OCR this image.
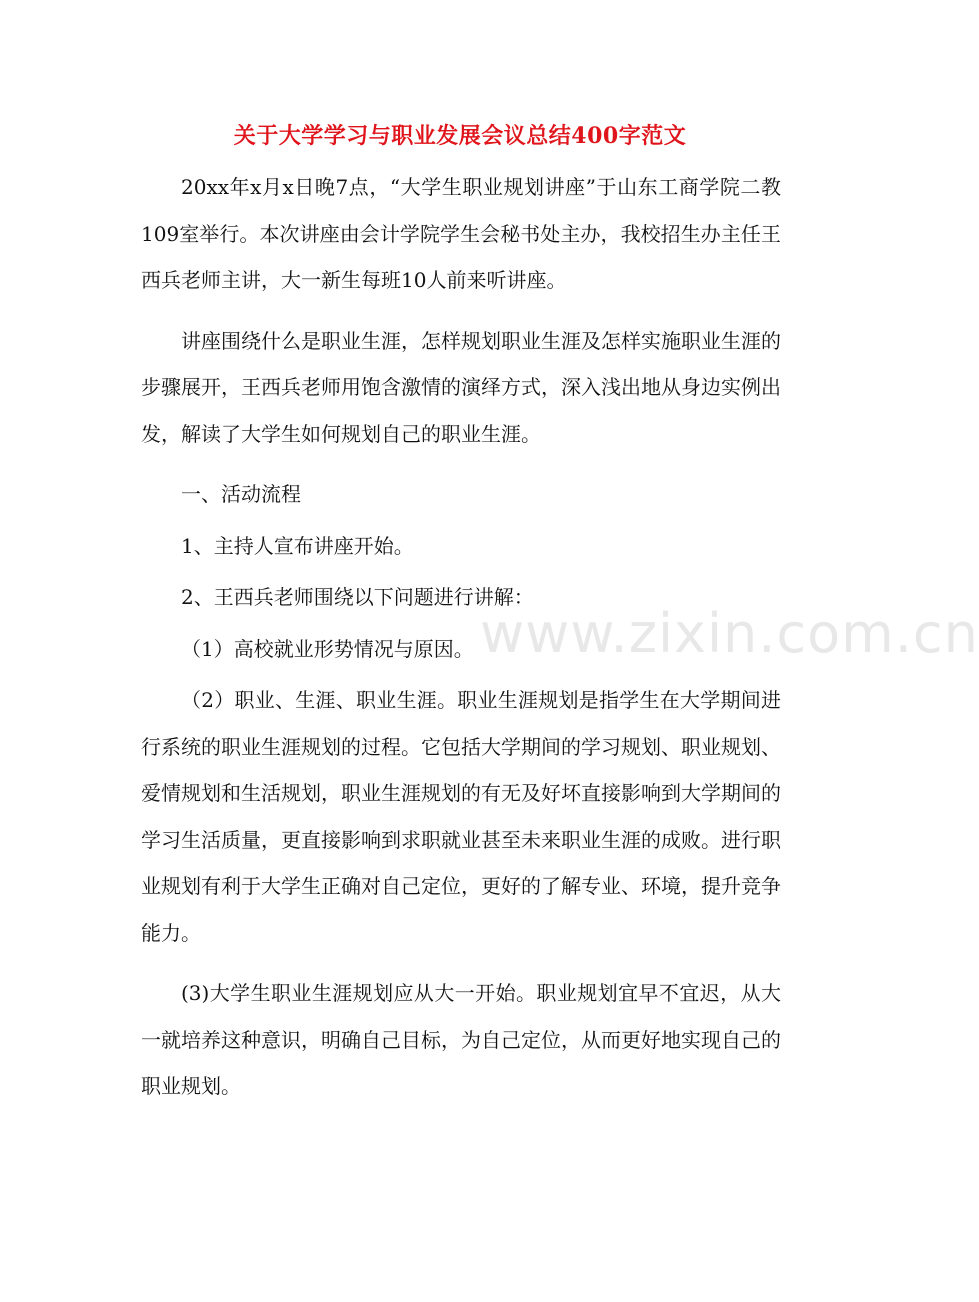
关于大学学习与职业发展会议总结400字范文

20xx年x月x日晚7点，“大学生职业规划讲座”于山东工商学院二教109室举行。本次讲座由会计学院学生会秘书处主办，我校招生办主任王西兵老师主讲，大一新生每班10人前来听讲座。

讲座围绕什么是职业生涯，怎样规划职业生涯及怎样实施职业生涯的步骤展开，王西兵老师用饱含激情的演绎方式，深入浅出地从身边实例出发，解读了大学生如何规划自己的职业生涯。

一、活动流程

1、主持人宣布讲座开始。

2、王西兵老师围绕以下问题进行讲解：

（1）高校就业形势情况与原因。

（2）职业、生涯、职业生涯。职业生涯规划是指学生在大学期间进行系统的职业生涯规划的过程。它包括大学期间的学习规划、职业规划、爱情规划和生活规划，职业生涯规划的有无及好坏直接影响到大学期间的学习生活质量，更直接影响到求职就业甚至未来职业生涯的成败。进行职业规划有利于大学生正确对自己定位，更好的了解专业、环境，提升竞争能力。

(3)大学生职业生涯规划应从大一开始。职业规划宜早不宜迟，从大一就培养这种意识，明确自己目标，为自己定位，从而更好地实现自己的职业规划。

www.zixin.com.cn
